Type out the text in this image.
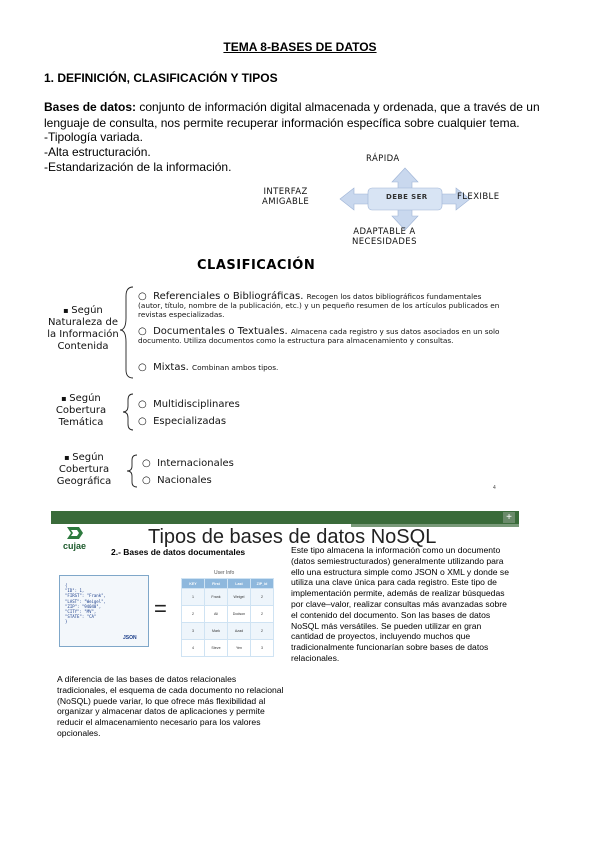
TEMA 8-BASES DE DATOS
1. DEFINICIÓN, CLASIFICACIÓN Y TIPOS
Bases de datos: conjunto de información digital almacenada y ordenada, que a través de un lenguaje de consulta, nos permite recuperar información específica sobre cualquier tema.
-Tipología variada.
-Alta estructuración.
-Estandarización de la información.
RÁPIDA
DEBE SER
INTERFAZ
AMIGABLE	FLEXIBLE
ADAPTABLE A
NECESIDADES
CLASIFICACIÓN
▪ Según
Naturaleza de
la Información
Contenida
▪ Según
Cobertura
Temática
▪ Según
Cobertura
Geográfica
○  Referenciales o Bibliográficas. Recogen los datos bibliográficos fundamentales (autor, título, nombre de la publicación, etc.) y un pequeño resumen de los artículos publicados en revistas especializadas.
○  Documentales o Textuales. Almacena cada registro y sus datos asociados en un solo documento. Utiliza documentos como la estructura para almacenamiento y consultas.
○  Mixtas. Combinan ambos tipos.
○  Multidisciplinares
○  Especializadas
○  Internacionales
○  Nacionales
4
+
cujae	Tipos de bases de datos NoSQL
2.- Bases de datos documentales
{
"ID": 1,
"FIRST": "Frank",
"LAST": "Weigel",
"ZIP": "94040",
"CITY": "MV",
"STATE": "CA"
}
JSON
=
User Info
KEY	First	Last	ZIP_id
1	Frank	Weigel	2
2	Ali	Dodson	2
3	Mark	Azad	2
4	Steve	Yen	3
Este tipo almacena la información como un documento (datos semiestructurados) generalmente utilizando para ello una estructura simple como JSON o XML y donde se utiliza una clave única para cada registro. Este tipo de implementación permite, además de realizar búsquedas por clave–valor, realizar consultas más avanzadas sobre el contenido del documento. Son las bases de datos NoSQL más versátiles. Se pueden utilizar en gran cantidad de proyectos, incluyendo muchos que tradicionalmente funcionarían sobre bases de datos relacionales.
A diferencia de las bases de datos relacionales tradicionales, el esquema de cada documento no relacional (NoSQL) puede variar, lo que ofrece más flexibilidad al organizar y almacenar datos de aplicaciones y permite reducir el almacenamiento necesario para los valores opcionales.
